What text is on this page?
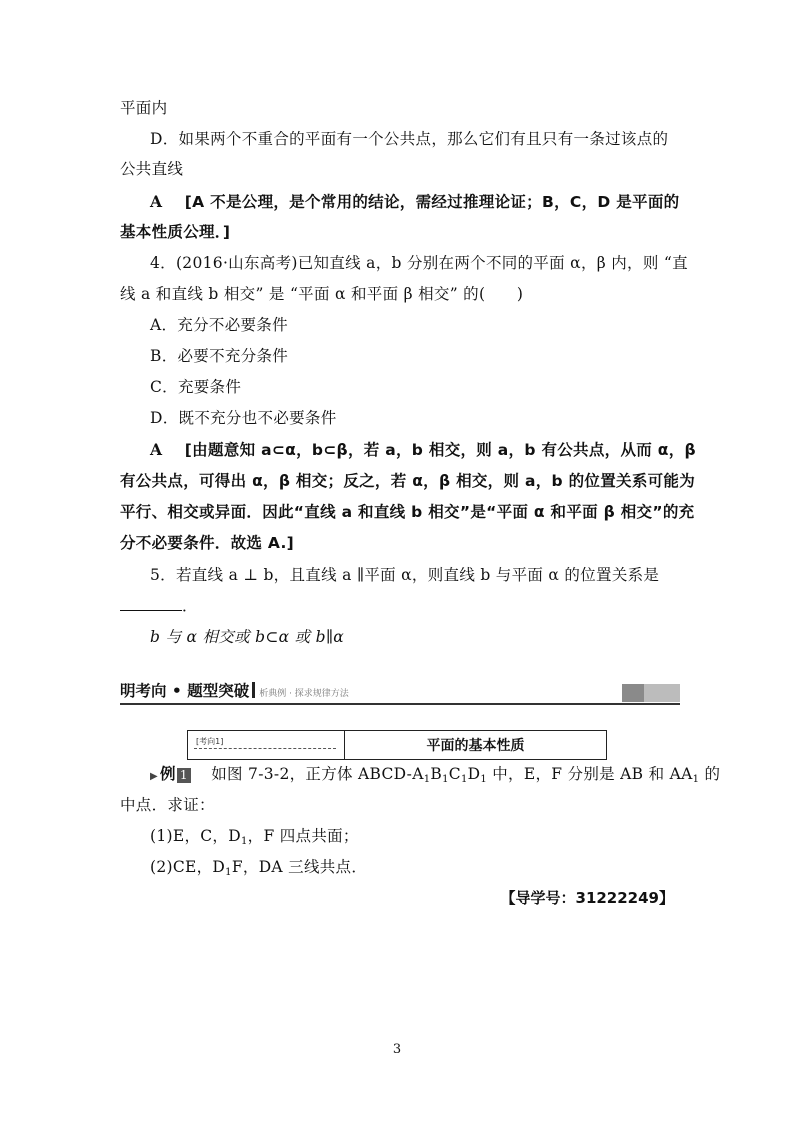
平面内
D．如果两个不重合的平面有一个公共点，那么它们有且只有一条过该点的
公共直线
A [A 不是公理，是个常用的结论，需经过推理论证；B，C，D 是平面的
基本性质公理．]
4．(2016·山东高考)已知直线 a，b 分别在两个不同的平面 α，β 内，则 “直
线 a 和直线 b 相交” 是 “平面 α 和平面 β 相交” 的(　　)
A．充分不必要条件
B．必要不充分条件
C．充要条件
D．既不充分也不必要条件
A [由题意知 a⊂α，b⊂β，若 a，b 相交，则 a，b 有公共点，从而 α，β
有公共点，可得出 α，β 相交；反之，若 α，β 相交，则 a，b 的位置关系可能为
平行、相交或异面．因此“直线 a 和直线 b 相交”是“平面 α 和平面 β 相交”的充
分不必要条件．故选 A.]
5．若直线 a ⊥ b，且直线 a ∥平面 α，则直线 b 与平面 α 的位置关系是
．
b 与 α 相交或 b⊂α 或 b∥α
明考向 • 题型突破 析典例 · 探求规律方法
[考向1]	平面的基本性质
▶ 例 1 如图 7-3-2，正方体 ABCD-$A_1B_1C_1D_1$ 中，E，F 分别是 AB 和 $AA_1$ 的
中点．求证：
(1)E，C，$D_1$，F 四点共面；
(2)CE，$D_1F$，DA 三线共点．
【导学号：31222249】
3
